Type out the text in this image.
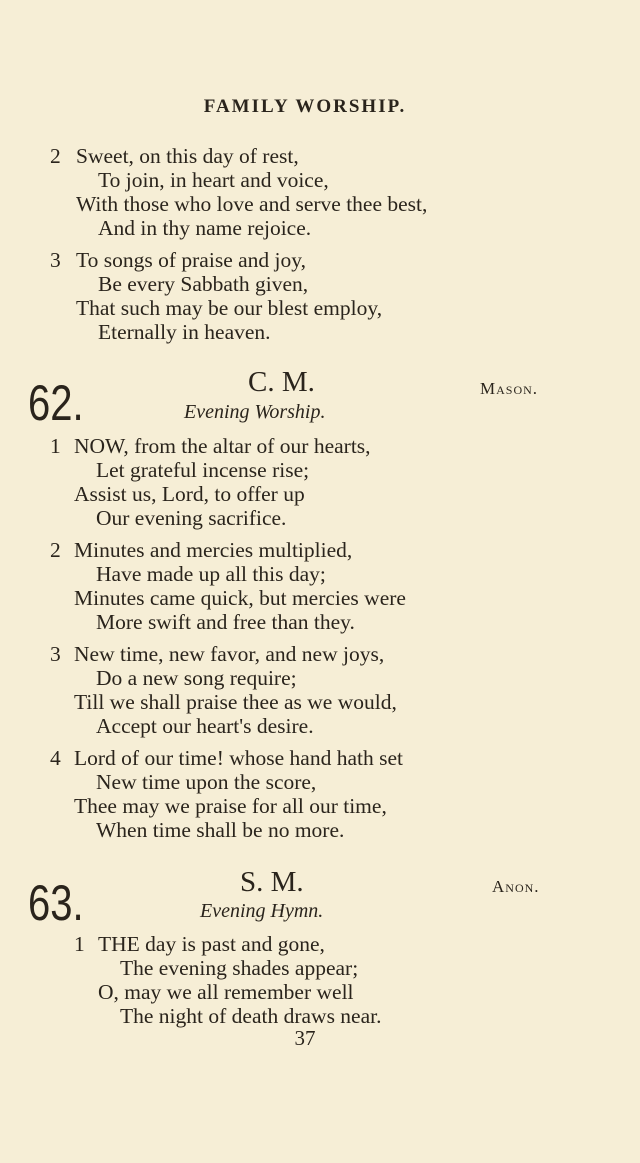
FAMILY WORSHIP.
2 Sweet, on this day of rest,
To join, in heart and voice,
With those who love and serve thee best,
And in thy name rejoice.
3 To songs of praise and joy,
Be every Sabbath given,
That such may be our blest employ,
Eternally in heaven.
62.	C. M.	Mason.
Evening Worship.
1 NOW, from the altar of our hearts,
Let grateful incense rise;
Assist us, Lord, to offer up
Our evening sacrifice.
2 Minutes and mercies multiplied,
Have made up all this day;
Minutes came quick, but mercies were
More swift and free than they.
3 New time, new favor, and new joys,
Do a new song require;
Till we shall praise thee as we would,
Accept our heart's desire.
4 Lord of our time! whose hand hath set
New time upon the score,
Thee may we praise for all our time,
When time shall be no more.
63.	S. M.	Anon.
Evening Hymn.
1 THE day is past and gone,
The evening shades appear;
O, may we all remember well
The night of death draws near.
37
